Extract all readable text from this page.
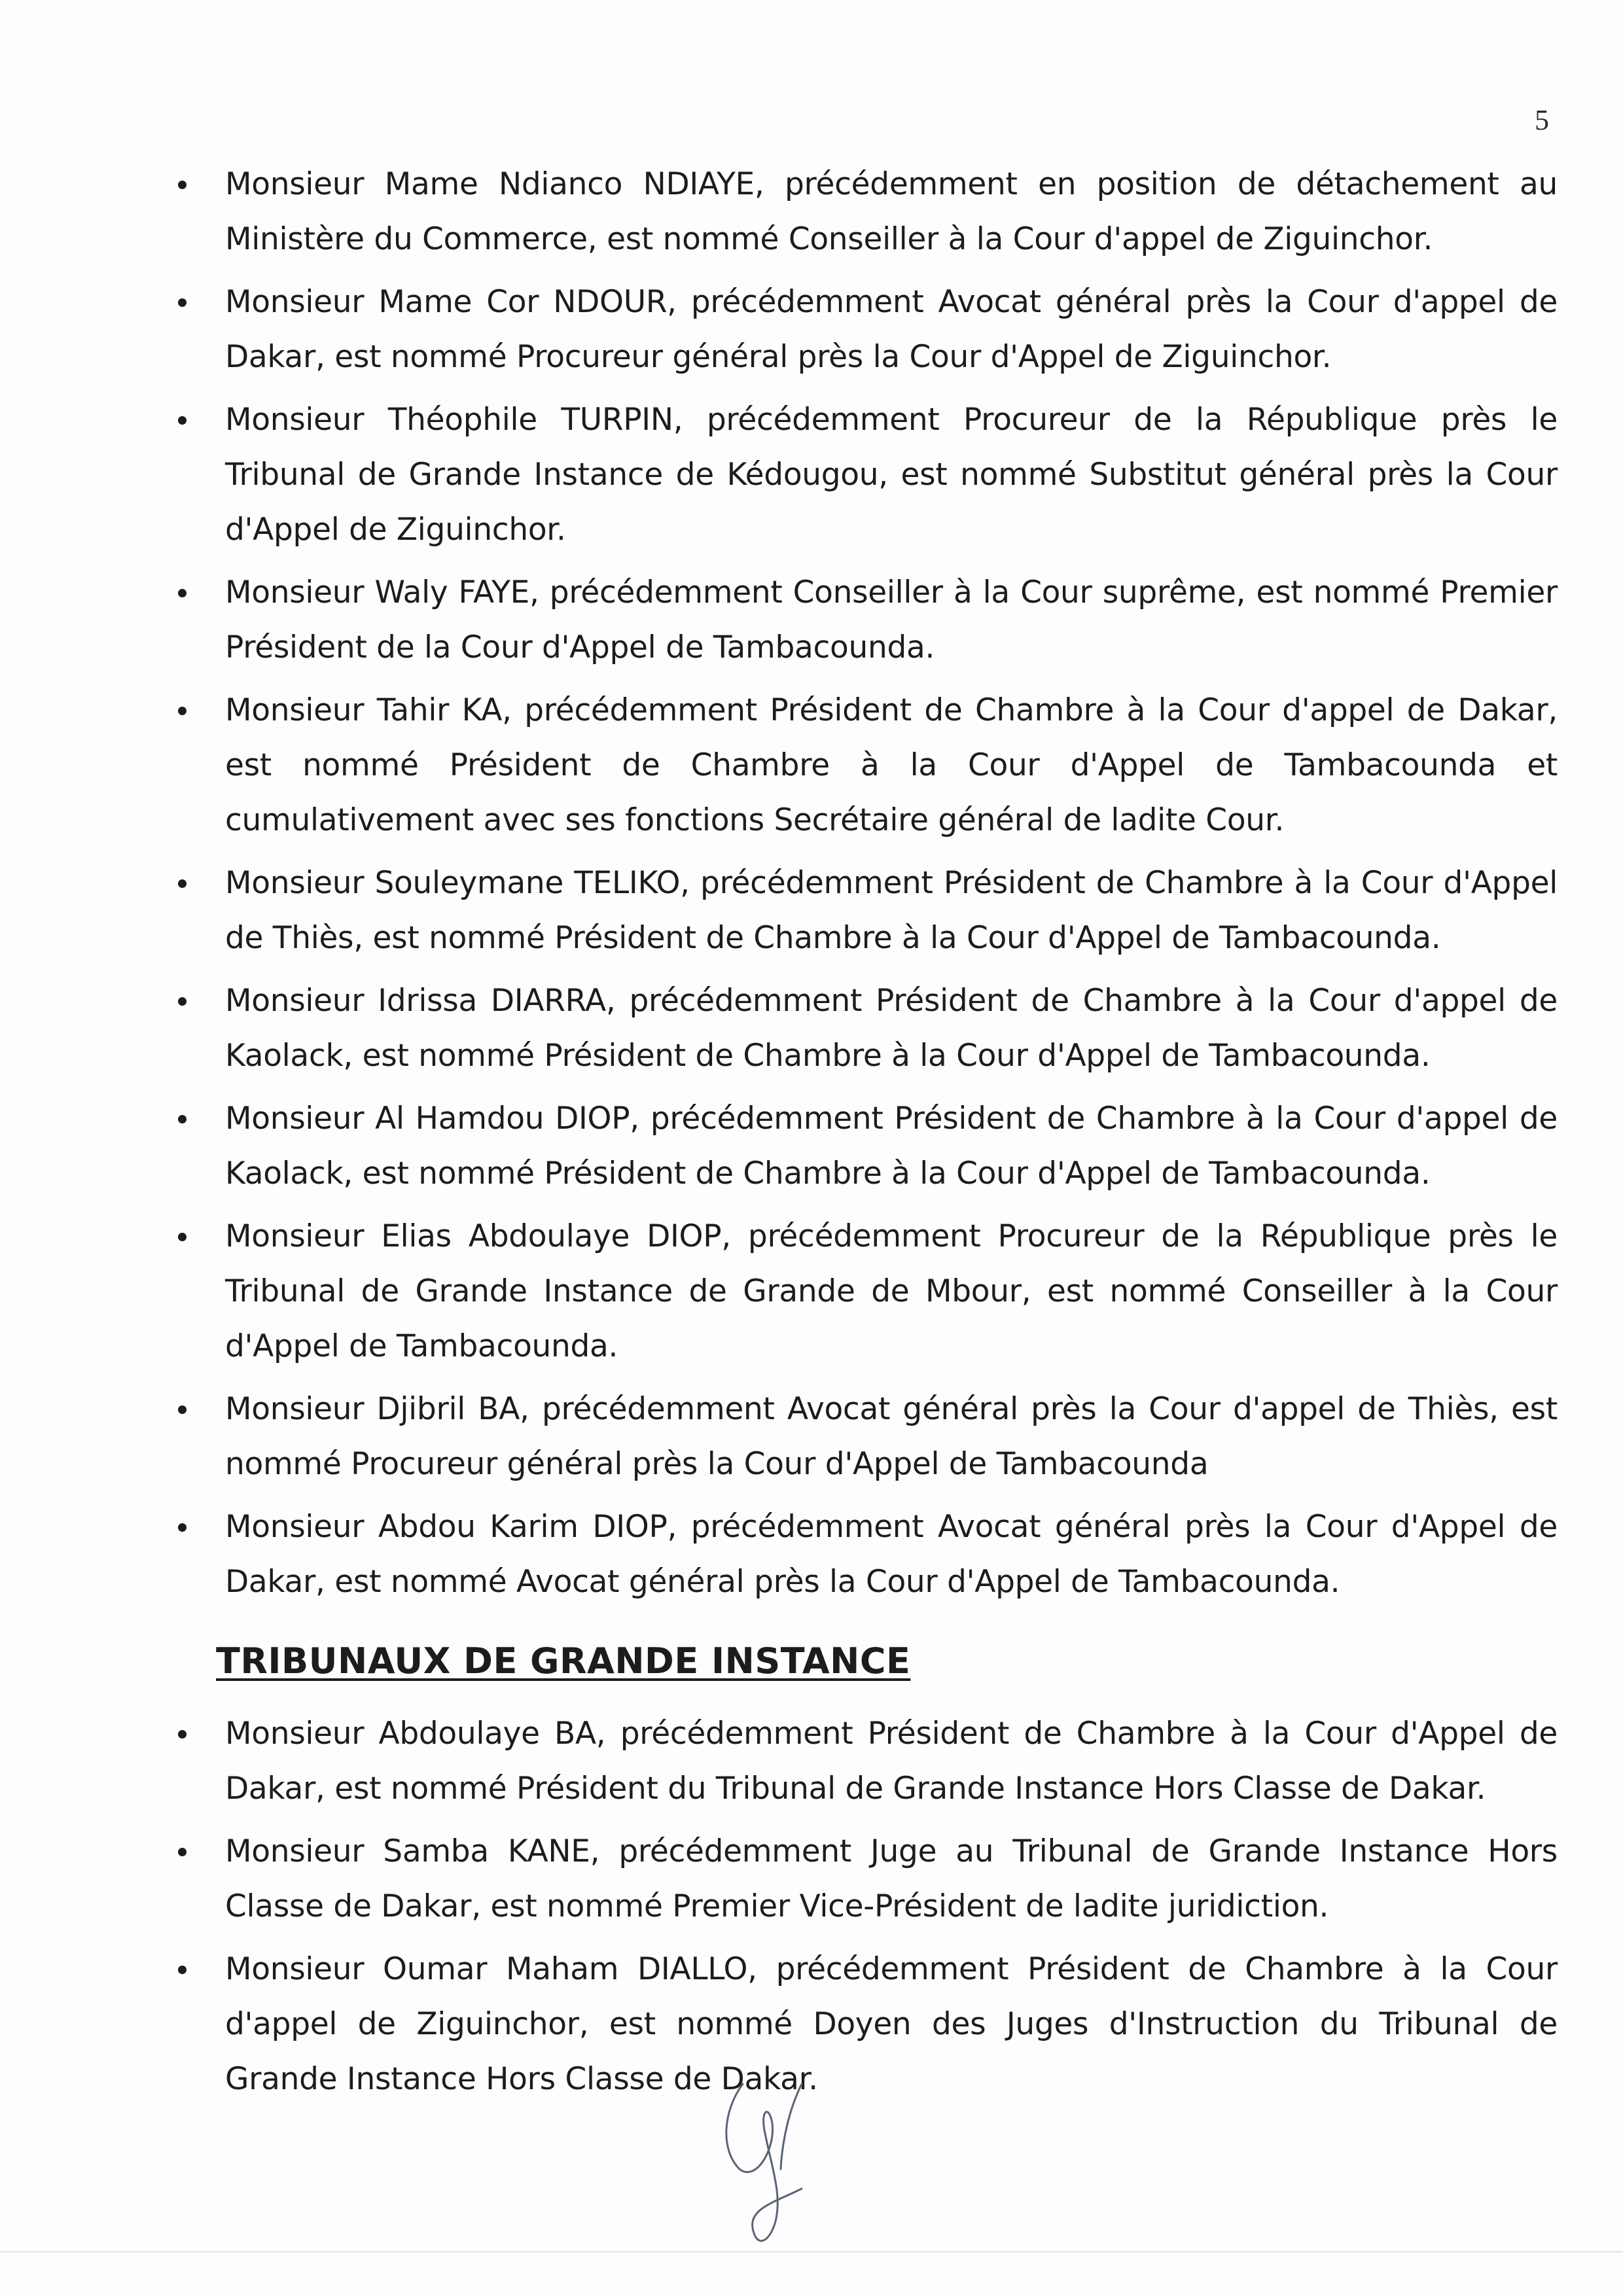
5
Monsieur Mame Ndianco NDIAYE, précédemment en position de détachement au Ministère du Commerce, est nommé Conseiller à la Cour d'appel de Ziguinchor.
Monsieur Mame Cor NDOUR, précédemment Avocat général près la Cour d'appel de Dakar, est nommé Procureur général près la Cour d'Appel de Ziguinchor.
Monsieur Théophile TURPIN, précédemment Procureur de la République près le Tribunal de Grande Instance de Kédougou, est nommé Substitut général près la Cour d'Appel de Ziguinchor.
Monsieur Waly FAYE, précédemment Conseiller à la Cour suprême, est nommé Premier Président de la Cour d'Appel de Tambacounda.
Monsieur Tahir KA, précédemment Président de Chambre à la Cour d'appel de Dakar, est nommé Président de Chambre à la Cour d'Appel de Tambacounda et cumulativement avec ses fonctions Secrétaire général de ladite Cour.
Monsieur Souleymane TELIKO, précédemment Président de Chambre à la Cour d'Appel de Thiès, est nommé Président de Chambre à la Cour d'Appel de Tambacounda.
Monsieur Idrissa DIARRA, précédemment Président de Chambre à la Cour d'appel de Kaolack, est nommé Président de Chambre à la Cour d'Appel de Tambacounda.
Monsieur Al Hamdou DIOP, précédemment Président de Chambre à la Cour d'appel de Kaolack, est nommé Président de Chambre à la Cour d'Appel de Tambacounda.
Monsieur Elias Abdoulaye DIOP, précédemment Procureur de la République près le Tribunal de Grande Instance de Grande de Mbour, est nommé Conseiller à la Cour d'Appel de Tambacounda.
Monsieur Djibril BA, précédemment Avocat général près la Cour d'appel de Thiès, est nommé Procureur général près la Cour d'Appel de Tambacounda
Monsieur Abdou Karim DIOP, précédemment Avocat général près la Cour d'Appel de Dakar, est nommé Avocat général près la Cour d'Appel de Tambacounda.
TRIBUNAUX DE GRANDE INSTANCE
Monsieur Abdoulaye BA, précédemment Président de Chambre à la Cour d'Appel de Dakar, est nommé Président du Tribunal de Grande Instance Hors Classe de Dakar.
Monsieur Samba KANE, précédemment Juge au Tribunal de Grande Instance Hors Classe de Dakar, est nommé Premier Vice-Président de ladite juridiction.
Monsieur Oumar Maham DIALLO, précédemment Président de Chambre à la Cour d'appel de Ziguinchor, est nommé Doyen des Juges d'Instruction du Tribunal de Grande Instance Hors Classe de Dakar.
